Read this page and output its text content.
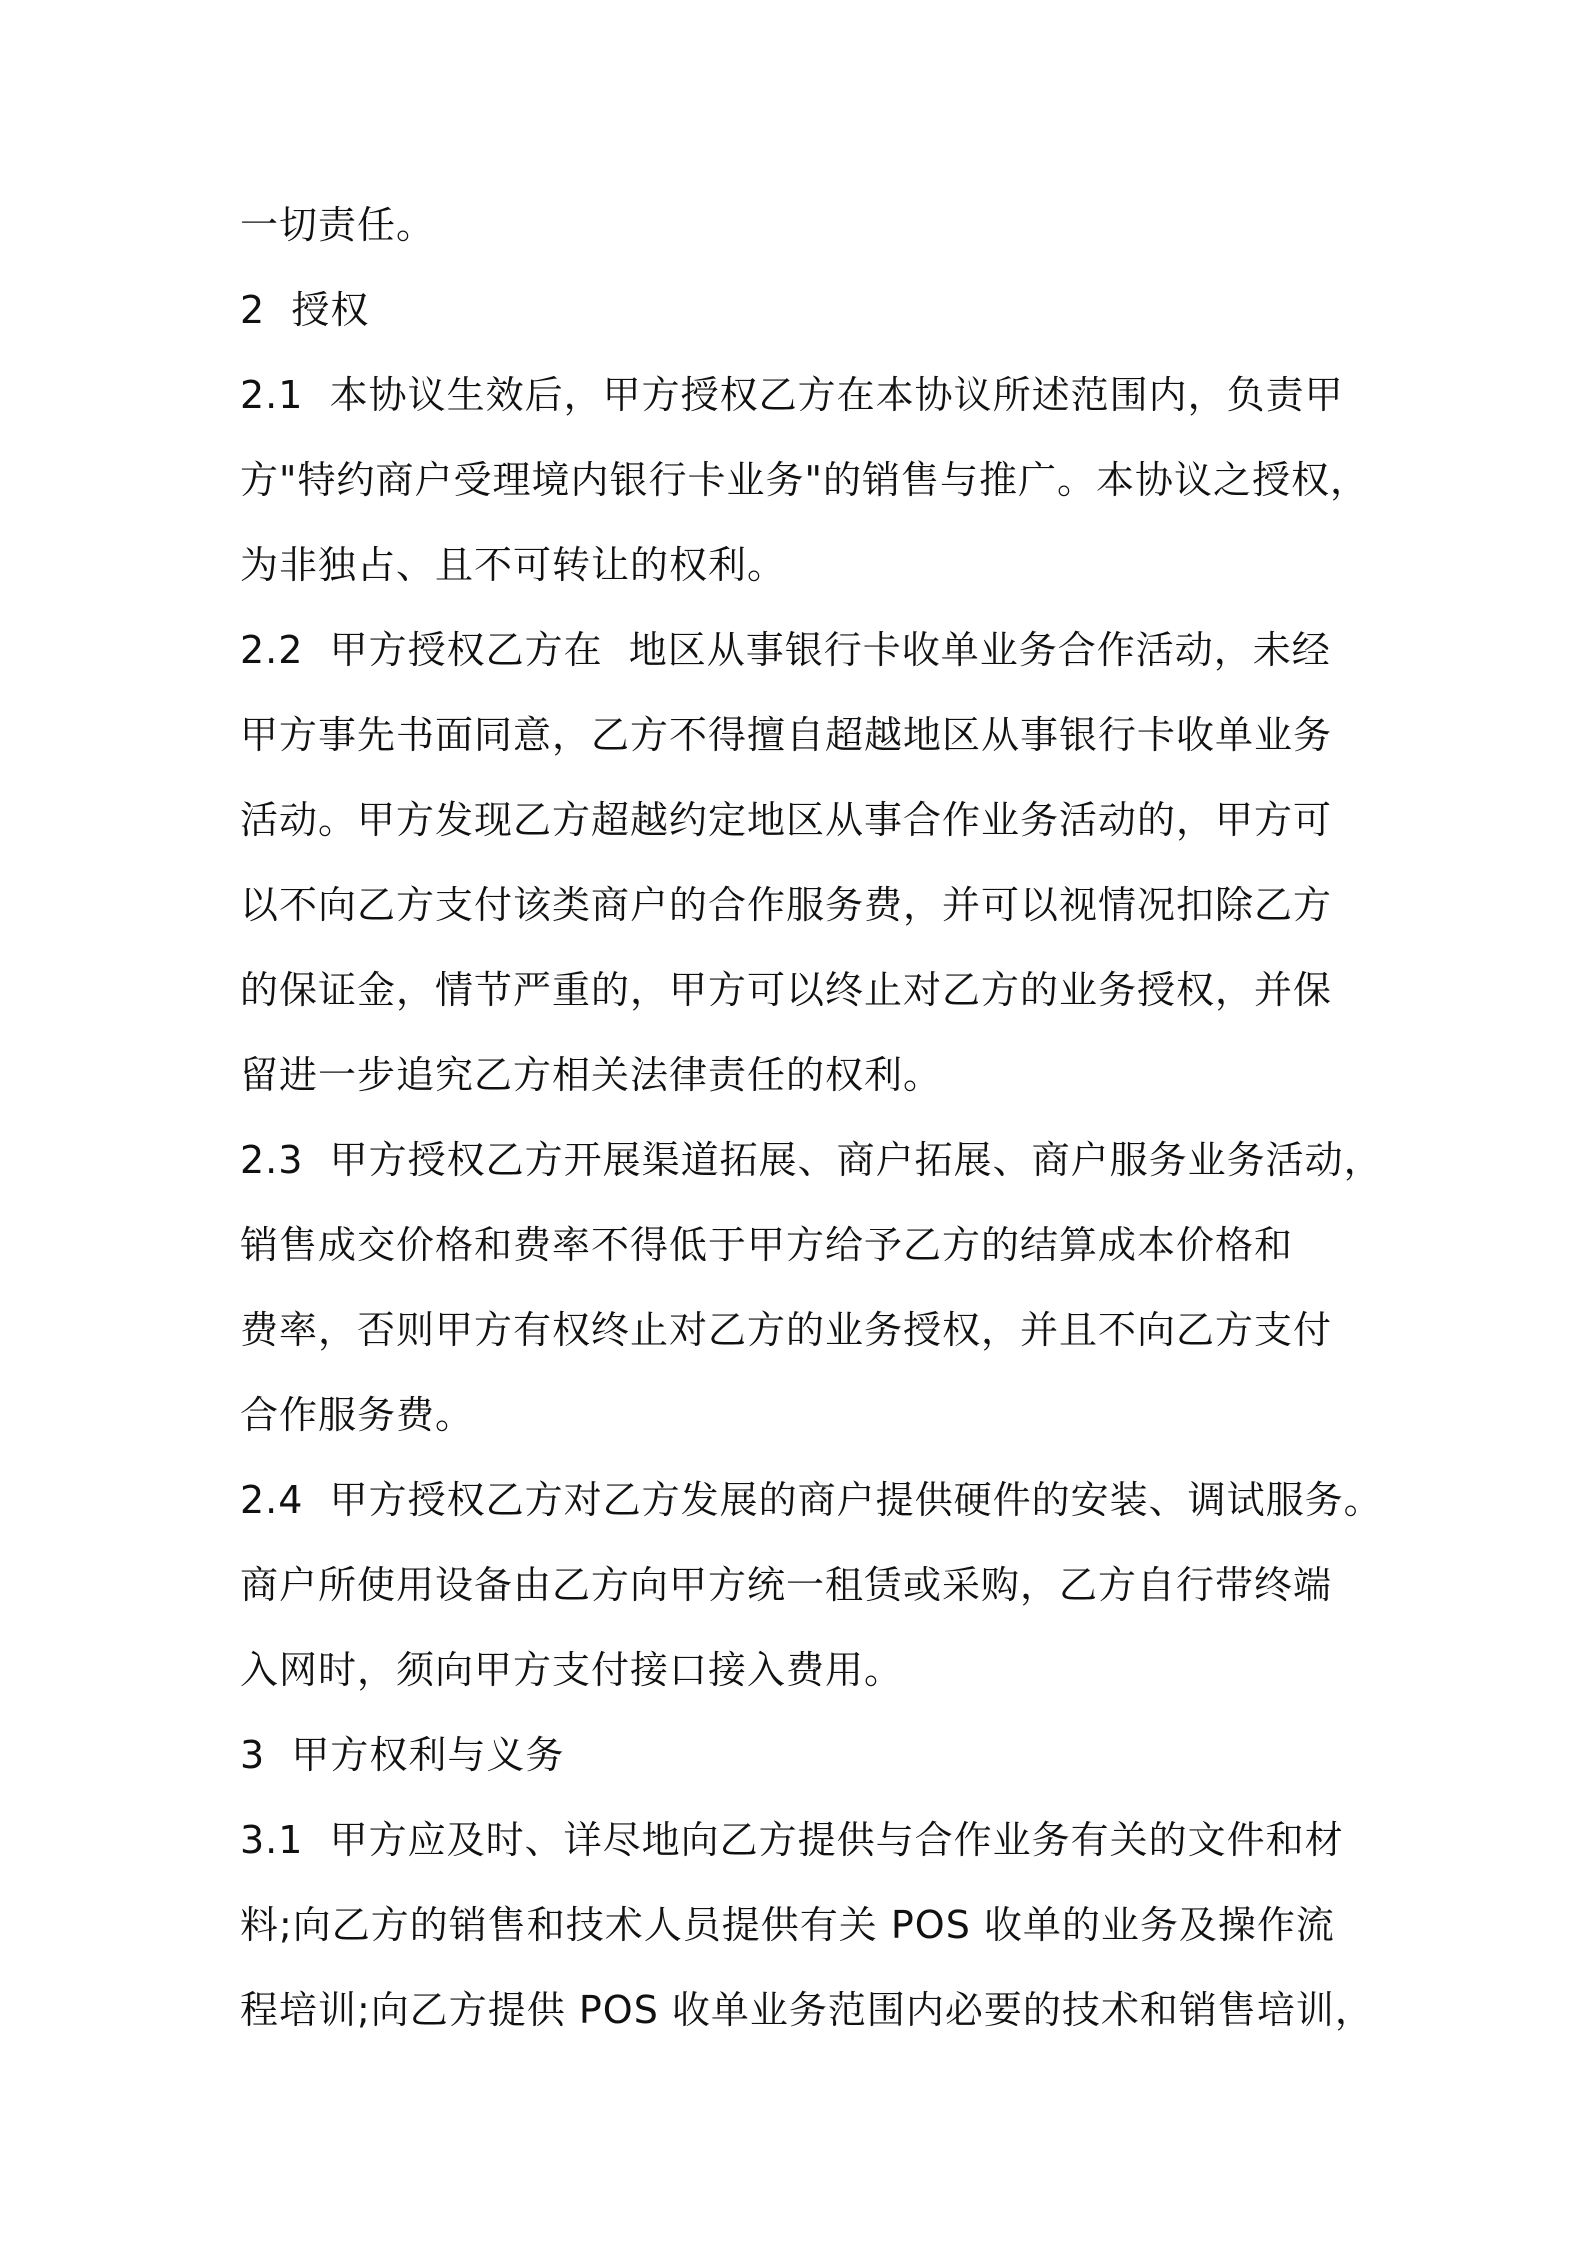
一切责任。
2  授权
2.1  本协议生效后，甲方授权乙方在本协议所述范围内，负责甲
方"特约商户受理境内银行卡业务"的销售与推广。本协议之授权，
为非独占、且不可转让的权利。
2.2  甲方授权乙方在  地区从事银行卡收单业务合作活动，未经
甲方事先书面同意，乙方不得擅自超越地区从事银行卡收单业务
活动。甲方发现乙方超越约定地区从事合作业务活动的，甲方可
以不向乙方支付该类商户的合作服务费，并可以视情况扣除乙方
的保证金，情节严重的，甲方可以终止对乙方的业务授权，并保
留进一步追究乙方相关法律责任的权利。
2.3  甲方授权乙方开展渠道拓展、商户拓展、商户服务业务活动，
销售成交价格和费率不得低于甲方给予乙方的结算成本价格和
费率，否则甲方有权终止对乙方的业务授权，并且不向乙方支付
合作服务费。
2.4  甲方授权乙方对乙方发展的商户提供硬件的安装、调试服务。
商户所使用设备由乙方向甲方统一租赁或采购，乙方自行带终端
入网时，须向甲方支付接口接入费用。
3  甲方权利与义务
3.1  甲方应及时、详尽地向乙方提供与合作业务有关的文件和材
料;向乙方的销售和技术人员提供有关 POS 收单的业务及操作流
程培训;向乙方提供 POS 收单业务范围内必要的技术和销售培训，
